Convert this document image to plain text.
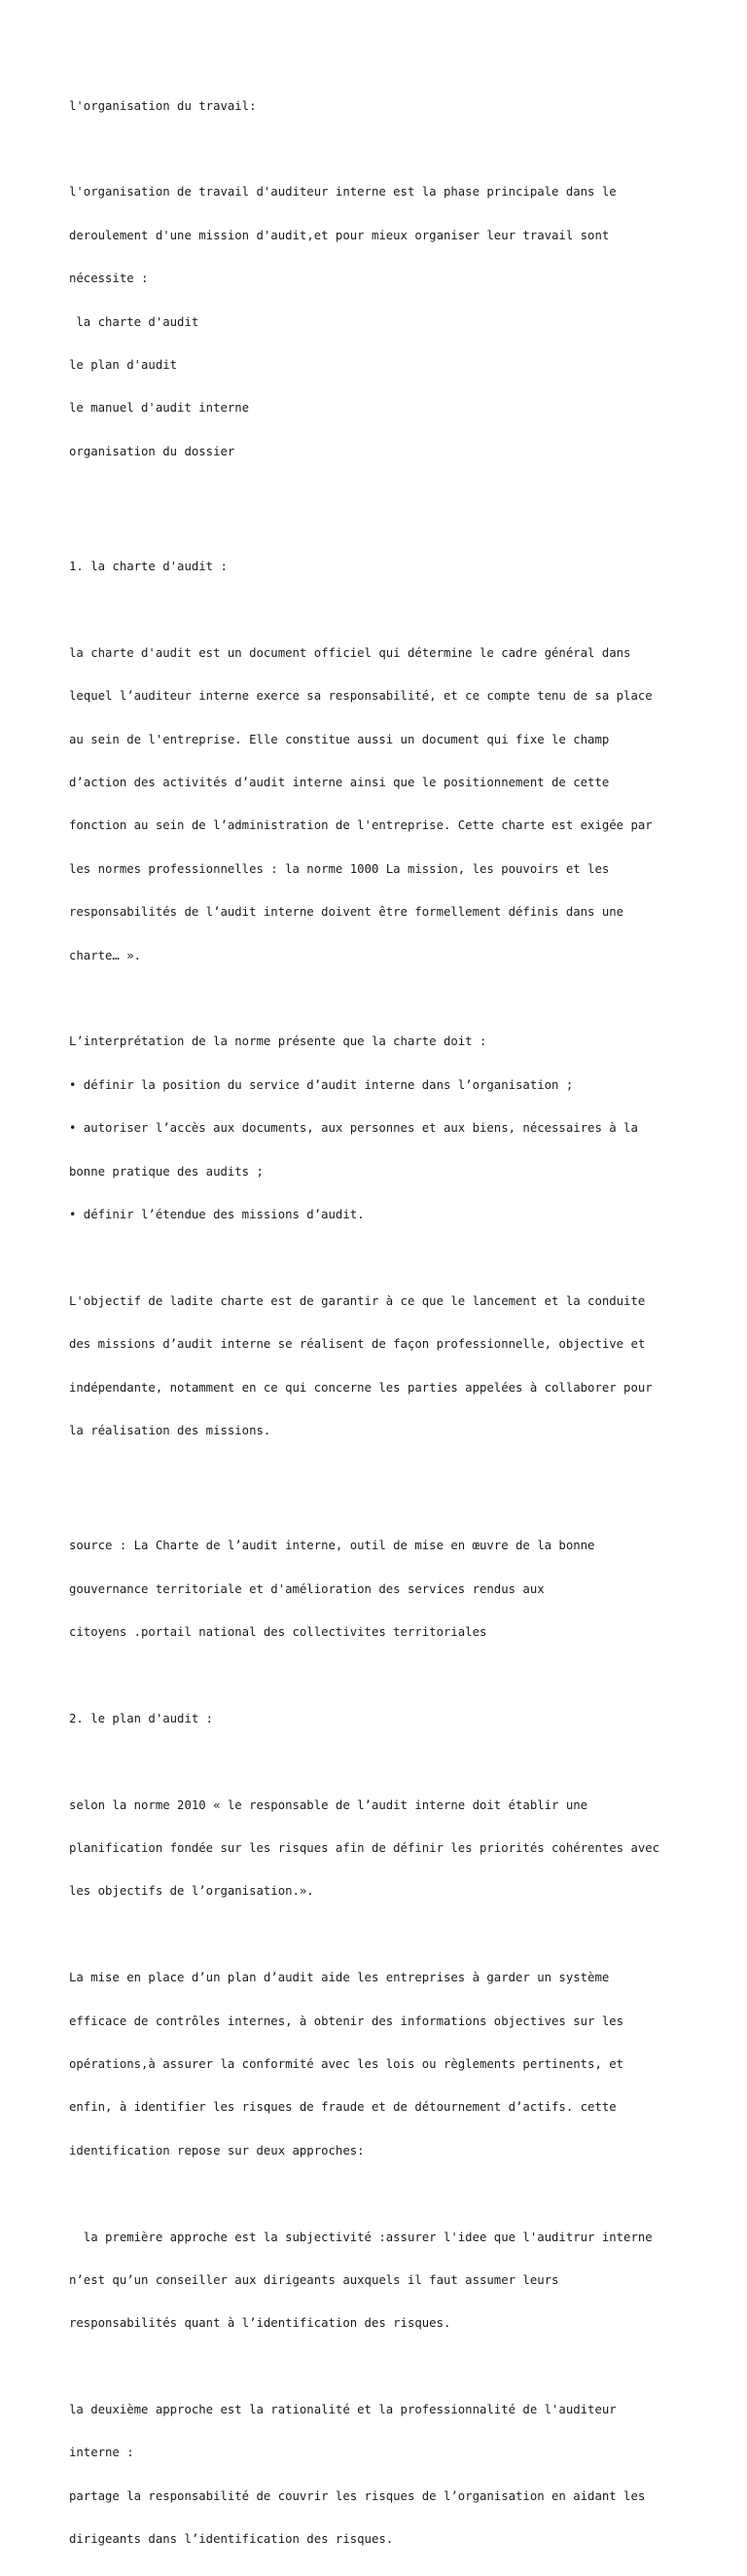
l'organisation du travail:

l'organisation de travail d'auditeur interne est la phase principale dans le

deroulement d'une mission d'audit,et pour mieux organiser leur travail sont

nécessite :

la charte d'audit

le plan d'audit

le manuel d'audit interne

organisation du dossier

1. la charte d'audit :

la charte d'audit est un document officiel qui détermine le cadre général dans

lequel l’auditeur interne exerce sa responsabilité, et ce compte tenu de sa place

au sein de l'entreprise. Elle constitue aussi un document qui fixe le champ

d’action des activités d’audit interne ainsi que le positionnement de cette

fonction au sein de l’administration de l'entreprise. Cette charte est exigée par

les normes professionnelles : la norme 1000 La mission, les pouvoirs et les

responsabilités de l’audit interne doivent être formellement définis dans une

charte… ».

L’interprétation de la norme présente que la charte doit :

• définir la position du service d’audit interne dans l’organisation ;

• autoriser l’accès aux documents, aux personnes et aux biens, nécessaires à la

bonne pratique des audits ;

• définir l’étendue des missions d’audit.

L'objectif de ladite charte est de garantir à ce que le lancement et la conduite

des missions d’audit interne se réalisent de façon professionnelle, objective et

indépendante, notamment en ce qui concerne les parties appelées à collaborer pour

la réalisation des missions.

source : La Charte de l’audit interne, outil de mise en œuvre de la bonne

gouvernance territoriale et d'amélioration des services rendus aux

citoyens .portail national des collectivites territoriales

2. le plan d'audit :

selon la norme 2010 « le responsable de l’audit interne doit établir une

planification fondée sur les risques afin de définir les priorités cohérentes avec

les objectifs de l’organisation.».

La mise en place d’un plan d’audit aide les entreprises à garder un système

efficace de contrôles internes, à obtenir des informations objectives sur les

opérations,à assurer la conformité avec les lois ou règlements pertinents, et

enfin, à identifier les risques de fraude et de détournement d’actifs. cette

identification repose sur deux approches:

la première approche est la subjectivité :assurer l'idee que l'auditrur interne

n’est qu’un conseiller aux dirigeants auxquels il faut assumer leurs

responsabilités quant à l’identification des risques.

la deuxième approche est la rationalité et la professionnalité de l'auditeur

interne :

partage la responsabilité de couvrir les risques de l’organisation en aidant les

dirigeants dans l’identification des risques.
